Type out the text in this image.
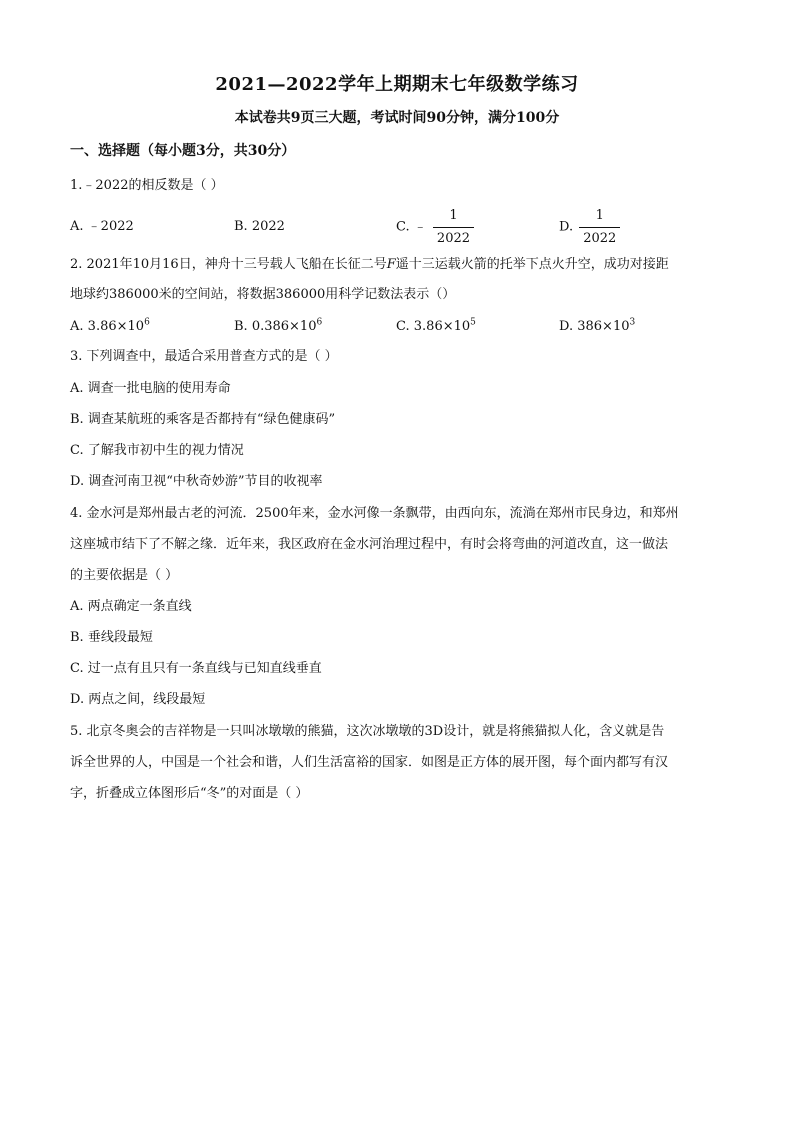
2021—2022学年上期期末七年级数学练习
本试卷共9页三大题，考试时间90分钟，满分100分
一、选择题（每小题3分，共30分）
1.﹣2022的相反数是（ ）
A. ﹣2022	B. 2022	C. ﹣ $\frac{1}{2022}$	D. $\frac{1}{2022}$
2. 2021年10月16日，神舟十三号载人飞船在长征二号F遥十三运载火箭的托举下点火升空，成功对接距
地球约386000米的空间站，将数据386000用科学记数法表示（）
A. $3.86\times 10^6$	B. $0.386\times 10^6$	C. $3.86\times 10^5$	D. $386\times 10^3$
3. 下列调查中，最适合采用普查方式的是（ ）
A. 调查一批电脑的使用寿命
B. 调查某航班的乘客是否都持有“绿色健康码”
C. 了解我市初中生的视力情况
D. 调查河南卫视“中秋奇妙游”节目的收视率
4. 金水河是郑州最古老的河流．2500年来，金水河像一条飘带，由西向东，流淌在郑州市民身边，和郑州
这座城市结下了不解之缘．近年来，我区政府在金水河治理过程中，有时会将弯曲的河道改直，这一做法
的主要依据是（ ）
A. 两点确定一条直线
B. 垂线段最短
C. 过一点有且只有一条直线与已知直线垂直
D. 两点之间，线段最短
5. 北京冬奥会的吉祥物是一只叫冰墩墩的熊猫，这次冰墩墩的3D设计，就是将熊猫拟人化，含义就是告
诉全世界的人，中国是一个社会和谐，人们生活富裕的国家．如图是正方体的展开图，每个面内都写有汉
字，折叠成立体图形后“冬”的对面是（ ）
